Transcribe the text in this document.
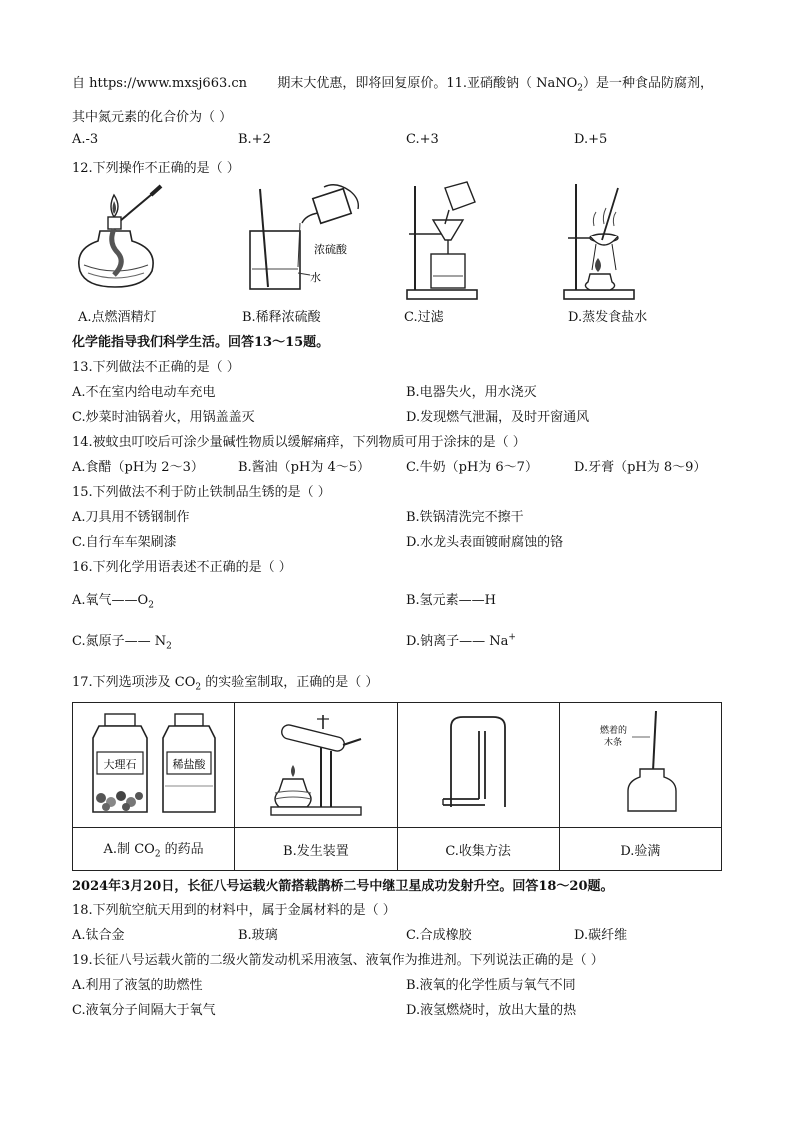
自 https://www.mxsj663.cn 期末大优惠，即将回复原价。11.亚硝酸钠（ NaNO$_2$）是一种食品防腐剂，
其中氮元素的化合价为（ ）
A.-3	B.+2	C.+3	D.+5
12.下列操作不正确的是（ ）
浓硫酸
水
A.点燃酒精灯	B.稀释浓硫酸	C.过滤	D.蒸发食盐水
化学能指导我们科学生活。回答13～15题。
13.下列做法不正确的是（ ）
A.不在室内给电动车充电	B.电器失火，用水浇灭
C.炒菜时油锅着火，用锅盖盖灭	D.发现燃气泄漏，及时开窗通风
14.被蚊虫叮咬后可涂少量碱性物质以缓解痛痒，下列物质可用于涂抹的是（ ）
A.食醋（pH为 2～3）	B.酱油（pH为 4～5）	C.牛奶（pH为 6～7）	D.牙膏（pH为 8～9）
15.下列做法不利于防止铁制品生锈的是（ ）
A.刀具用不锈钢制作	B.铁锅清洗完不擦干
C.自行车车架刷漆	D.水龙头表面镀耐腐蚀的铬
16.下列化学用语表述不正确的是（ ）
A.氧气$——O_2$	B.氢元素——H
C.氮原子—— $N_2$	D.钠离子—— Na+
17.下列选项涉及 $CO_2$ 的实验室制取，正确的是（ ）
大理石 稀盐酸			燃着的
木条

A.制 $CO_2$ 的药品	B.发生装置	C.收集方法	D.验满
2024年3月20日，长征八号运载火箭搭载鹊桥二号中继卫星成功发射升空。回答18～20题。
18.下列航空航天用到的材料中，属于金属材料的是（ ）
A.钛合金	B.玻璃	C.合成橡胶	D.碳纤维
19.长征八号运载火箭的二级火箭发动机采用液氢、液氧作为推进剂。下列说法正确的是（ ）
A.利用了液氢的助燃性	B.液氧的化学性质与氧气不同
C.液氧分子间隔大于氧气	D.液氢燃烧时，放出大量的热
